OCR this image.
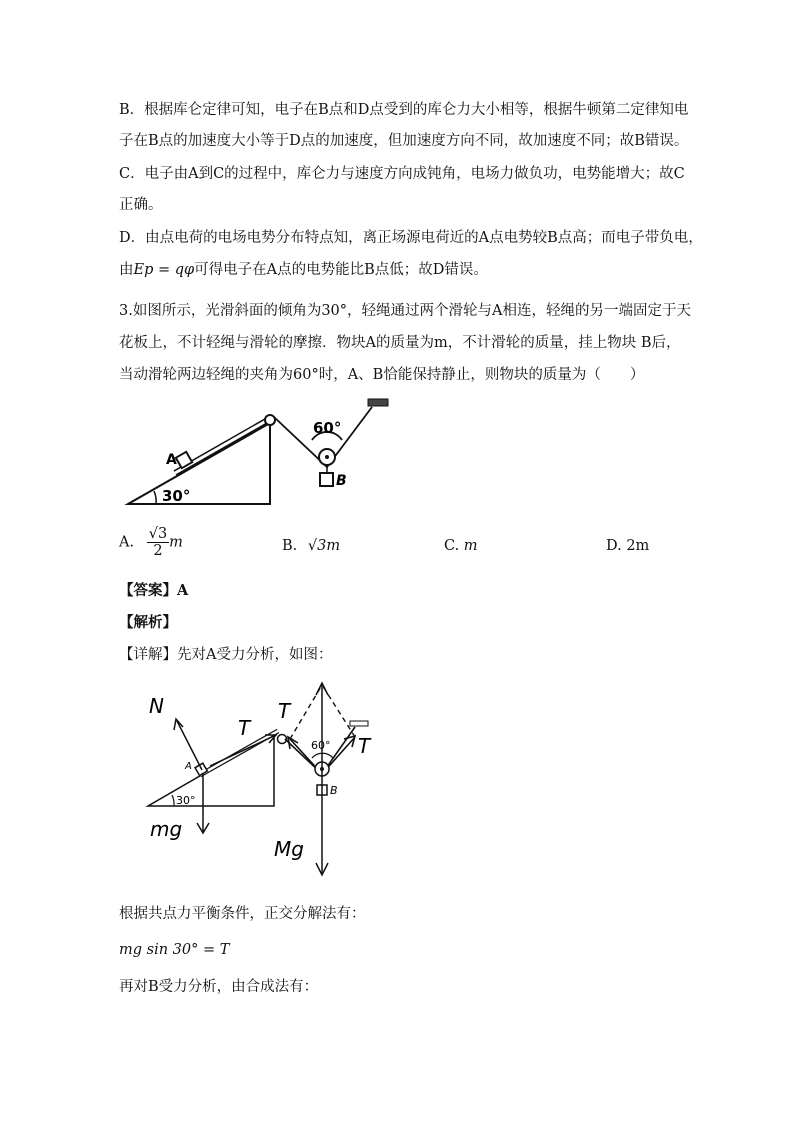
B．根据库仑定律可知，电子在B点和D点受到的库仑力大小相等，根据牛顿第二定律知电
子在B点的加速度大小等于D点的加速度，但加速度方向不同，故加速度不同；故B错误。
C．电子由A到C的过程中，库仑力与速度方向成钝角，电场力做负功，电势能增大；故C
正确。
D．由点电荷的电场电势分布特点知，离正场源电荷近的A点电势较B点高；而电子带负电，
由Ep = qφ可得电子在A点的电势能比B点低；故D错误。
3.如图所示，光滑斜面的倾角为30°，轻绳通过两个滑轮与A相连，轻绳的另一端固定于天
花板上，不计轻绳与滑轮的摩擦．物块A的质量为m，不计滑轮的质量，挂上物块 B后，
当动滑轮两边轻绳的夹角为60°时，A、B恰能保持静止，则物块的质量为（　　）
A
30°
B
60°
A. $\frac{√3}{2}$ m	B. √3m	C. m	D. 2m
【答案】A
【解析】
【详解】先对A受力分析，如图：
A
30°
N
T
T
mg
T
60°
B
Mg
根据共点力平衡条件，正交分解法有：
mg sin 30° = T
再对B受力分析，由合成法有：
